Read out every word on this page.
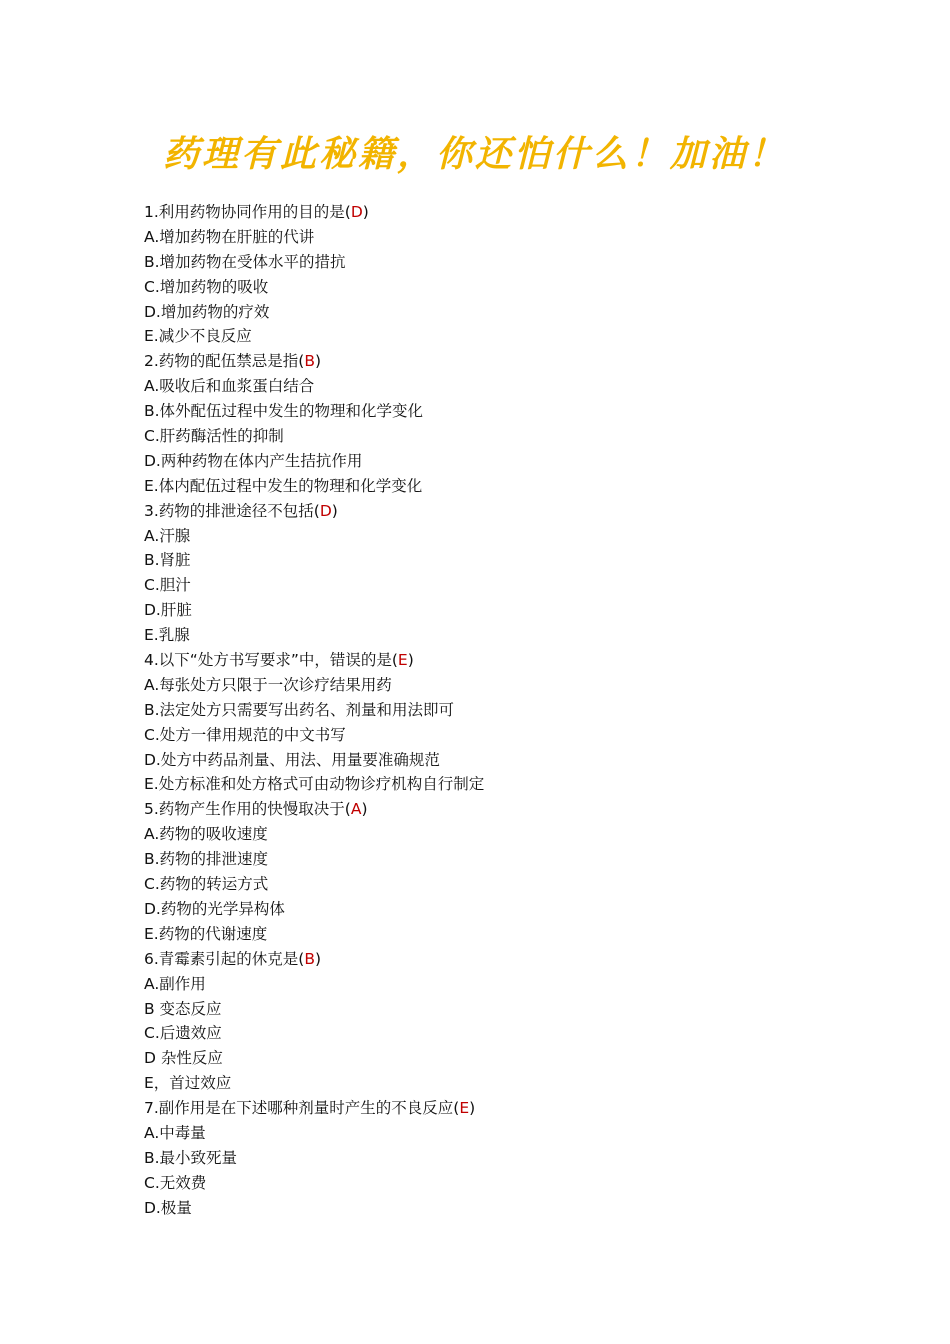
药理有此秘籍，你还怕什么！加油！
1.利用药物协同作用的目的是(D)
A.增加药物在肝脏的代讲
B.增加药物在受体水平的措抗
C.增加药物的吸收
D.增加药物的疗效
E.减少不良反应
2.药物的配伍禁忌是指(B)
A.吸收后和血浆蛋白结合
B.体外配伍过程中发生的物理和化学变化
C.肝药酶活性的抑制
D.两种药物在体内产生拮抗作用
E.体内配伍过程中发生的物理和化学变化
3.药物的排泄途径不包括(D)
A.汗腺
B.肾脏
C.胆汁
D.肝脏
E.乳腺
4.以下“处方书写要求”中，错误的是(E)
A.每张处方只限于一次诊疗结果用药
B.法定处方只需要写出药名、剂量和用法即可
C.处方一律用规范的中文书写
D.处方中药品剂量、用法、用量要准确规范
E.处方标准和处方格式可由动物诊疗机构自行制定
5.药物产生作用的快慢取决于(A)
A.药物的吸收速度
B.药物的排泄速度
C.药物的转运方式
D.药物的光学异构体
E.药物的代谢速度
6.青霉素引起的休克是(B)
A.副作用
B 变态反应
C.后遗效应
D 杂性反应
E，首过效应
7.副作用是在下述哪种剂量时产生的不良反应(E)
A.中毒量
B.最小致死量
C.无效费
D.极量
